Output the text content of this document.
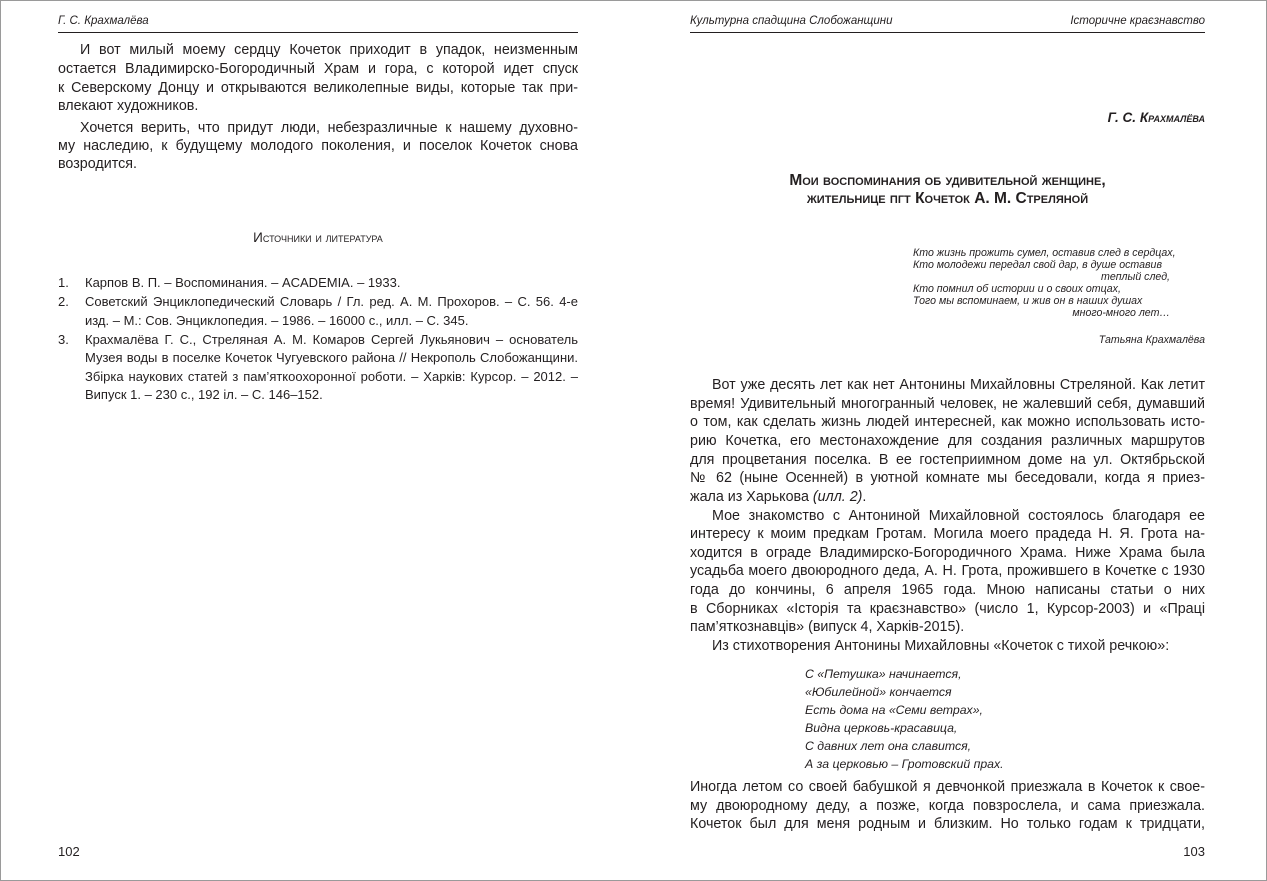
Г. С. Крахмалёва
И вот милый моему сердцу Кочеток приходит в упадок, неизменным
остается Владимирско-Богородичный Храм и гора, с которой идет спуск
к Северскому Донцу и открываются великолепные виды, которые так при-
влекают художников.
Хочется верить, что придут люди, небезразличные к нашему духовно-
му наследию, к будущему молодого поколения, и поселок Кочеток снова
возродится.
Источники и литература
1. Карпов В. П. – Воспоминания. – ACADEMIA. – 1933.
2. Советский Энциклопедический Словарь / Гл. ред. А. М. Прохоров. – С. 56. 4-е
изд. – М.: Сов. Энциклопедия. – 1986. – 16000 с., илл. – С. 345.
3. Крахмалёва Г. С., Стреляная А. М. Комаров Сергей Лукьянович – основатель
Музея воды в поселке Кочеток Чугуевского района // Некрополь Слобожанщини.
Збірка наукових статей з пам’яткоохоронної роботи. – Харків: Курсор. – 2012. –
Випуск 1. – 230 с., 192 іл. – С. 146–152.
102
Культурна спадщина Слобожанщини	Історичне краєзнавство
Г. С. Крахмалёва
Мои воспоминания об удивительной женщине,
жительнице пгт Кочеток А. М. Стреляной
Кто жизнь прожить сумел, оставив след в сердцах,
Кто молодежи передал свой дар, в душе оставив
теплый след,
Кто помнил об истории и о своих отцах,
Того мы вспоминаем, и жив он в наших душах
много-много лет…
Татьяна Крахмалёва
Вот уже десять лет как нет Антонины Михайловны Стреляной. Как летит
время! Удивительный многогранный человек, не жалевший себя, думавший
о том, как сделать жизнь людей интересней, как можно использовать исто-
рию Кочетка, его местонахождение для создания различных маршрутов
для процветания поселка. В ее гостеприимном доме на ул. Октябрьской
№ 62 (ныне Осенней) в уютной комнате мы беседовали, когда я приез-
жала из Харькова (илл. 2).
Мое знакомство с Антониной Михайловной состоялось благодаря ее
интересу к моим предкам Гротам. Могила моего прадеда Н. Я. Грота на-
ходится в ограде Владимирско-Богородичного Храма. Ниже Храма была
усадьба моего двоюродного деда, А. Н. Грота, прожившего в Кочетке с 1930
года до кончины, 6 апреля 1965 года. Мною написаны статьи о них
в Сборниках «Історія та краєзнавство» (число 1, Курсор-2003) и «Праці
пам’яткознавців» (випуск 4, Харків-2015).
Из стихотворения Антонины Михайловны «Кочеток с тихой речкою»:
Иногда летом со своей бабушкой я девчонкой приезжала в Кочеток к свое-
му двоюродному деду, а позже, когда повзрослела, и сама приезжала.
Кочеток был для меня родным и близким. Но только годам к тридцати,
С «Петушка» начинается,
«Юбилейной» кончается
Есть дома на «Семи ветрах»,
Видна церковь-красавица,
С давних лет она славится,
А за церковью – Гротовский прах.
103
